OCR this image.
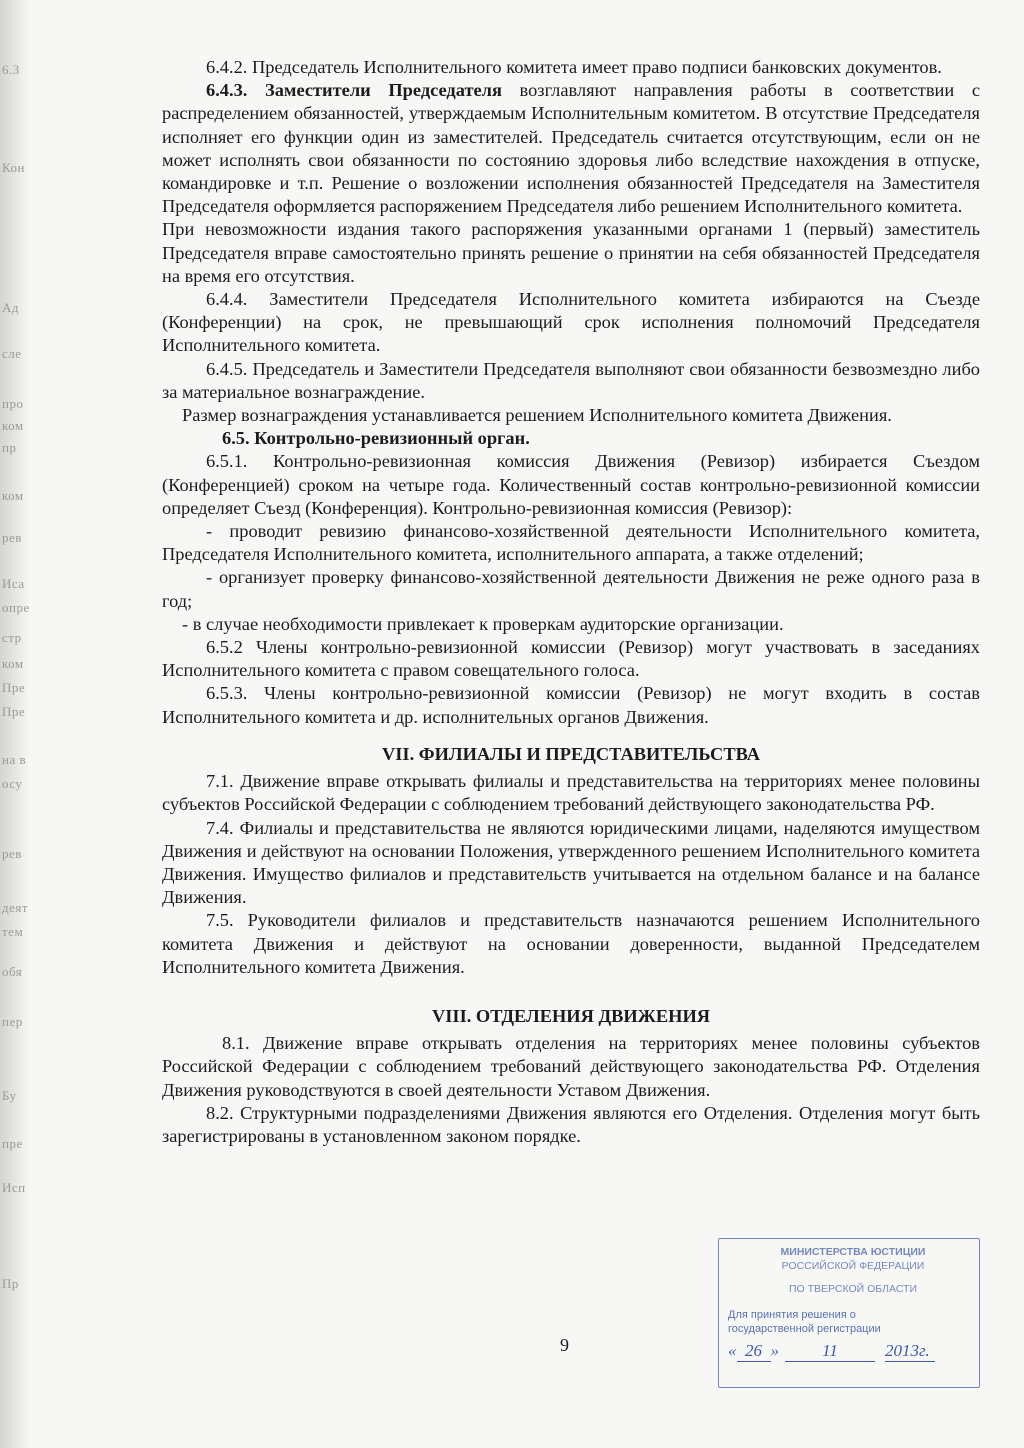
6.3
Кон
Ад
сле
про
ком
пр
ком
рев
Иса
опре
стр
ком
Пре
Пре
на в
осу
рев
деят
тем
обя
пер
Бу
пре
Исп
Пр

6.4.2. Председатель Исполнительного комитета имеет право подписи банковских документов.

6.4.3. Заместители Председателя возглавляют направления работы в соответствии с распределением обязанностей, утверждаемым Исполнительным комитетом. В отсутствие Председателя исполняет его функции один из заместителей. Председатель считается отсутствующим, если он не может исполнять свои обязанности по состоянию здоровья либо вследствие нахождения в отпуске, командировке и т.п. Решение о возложении исполнения обязанностей Председателя на Заместителя Председателя оформляется распоряжением Председателя либо решением Исполнительного комитета.

При невозможности издания такого распоряжения указанными органами 1 (первый) заместитель Председателя вправе самостоятельно принять решение о принятии на себя обязанностей Председателя на время его отсутствия.

6.4.4. Заместители Председателя Исполнительного комитета избираются на Съезде (Конференции) на срок, не превышающий срок исполнения полномочий Председателя Исполнительного комитета.

6.4.5. Председатель и Заместители Председателя выполняют свои обязанности безвозмездно либо за материальное вознаграждение.

Размер вознаграждения устанавливается решением Исполнительного комитета Движения.

6.5. Контрольно-ревизионный орган.

6.5.1. Контрольно-ревизионная комиссия Движения (Ревизор) избирается Съездом (Конференцией) сроком на четыре года. Количественный состав контрольно-ревизионной комиссии определяет Съезд (Конференция). Контрольно-ревизионная комиссия (Ревизор):

- проводит ревизию финансово-хозяйственной деятельности Исполнительного комитета, Председателя Исполнительного комитета, исполнительного аппарата, а также отделений;

- организует проверку финансово-хозяйственной деятельности Движения не реже одного раза в год;

- в случае необходимости привлекает к проверкам аудиторские организации.

6.5.2 Члены контрольно-ревизионной комиссии (Ревизор) могут участвовать в заседаниях Исполнительного комитета с правом совещательного голоса.

6.5.3. Члены контрольно-ревизионной комиссии (Ревизор) не могут входить в состав Исполнительного комитета и др. исполнительных органов Движения.

VII. ФИЛИАЛЫ И ПРЕДСТАВИТЕЛЬСТВА

7.1. Движение вправе открывать филиалы и представительства на территориях менее половины субъектов Российской Федерации с соблюдением требований действующего законодательства РФ.

7.4. Филиалы и представительства не являются юридическими лицами, наделяются имуществом Движения и действуют на основании Положения, утвержденного решением Исполнительного комитета Движения. Имущество филиалов и представительств учитывается на отдельном балансе и на балансе Движения.

7.5. Руководители филиалов и представительств назначаются решением Исполнительного комитета Движения и действуют на основании доверенности, выданной Председателем Исполнительного комитета Движения.

VIII. ОТДЕЛЕНИЯ ДВИЖЕНИЯ

8.1. Движение вправе открывать отделения на территориях менее половины субъектов Российской Федерации с соблюдением требований действующего законодательства РФ. Отделения Движения руководствуются в своей деятельности Уставом Движения.

8.2. Структурными подразделениями Движения являются его Отделения. Отделения могут быть зарегистрированы в установленном законом порядке.

9
МИНИСТЕРСТВА ЮСТИЦИИ
РОССИЙСКОЙ ФЕДЕРАЦИИ
ПО ТВЕРСКОЙ ОБЛАСТИ
Для принятия решения о государственной регистрации
« 26 »	11	2013г.
